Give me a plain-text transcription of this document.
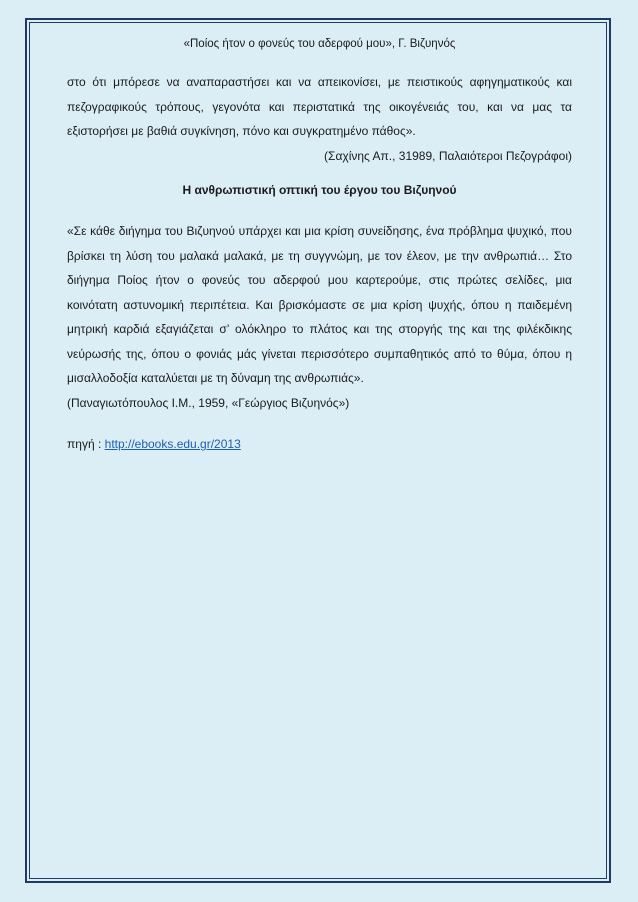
«Ποίος ήτον ο φονεύς του αδερφού μου», Γ. Βιζυηνός

στο ότι μπόρεσε να αναπαραστήσει και να απεικονίσει, με πειστικούς αφηγηματικούς και πεζογραφικούς τρόπους, γεγονότα και περιστατικά της οικογένειάς του, και να μας τα εξιστορήσει με βαθιά συγκίνηση, πόνο και συγκρατημένο πάθος».

(Σαχίνης Απ., 31989, Παλαιότεροι Πεζογράφοι)

Η ανθρωπιστική οπτική του έργου του Βιζυηνού

«Σε κάθε διήγημα του Βιζυηνού υπάρχει και μια κρίση συνείδησης, ένα πρόβλημα ψυχικό, που βρίσκει τη λύση του μαλακά μαλακά, με τη συγγνώμη, με τον έλεον, με την ανθρωπιά… Στο διήγημα Ποίος ήτον ο φονεύς του αδερφού μου καρτερούμε, στις πρώτες σελίδες, μια κοινότατη αστυνομική περιπέτεια. Και βρισκόμαστε σε μια κρίση ψυχής, όπου η παιδεμένη μητρική καρδιά εξαγιάζεται σ’ ολόκληρο το πλάτος και της στοργής της και της φιλέκδικης νεύρωσής της, όπου ο φονιάς μάς γίνεται περισσότερο συμπαθητικός από το θύμα, όπου η μισαλλοδοξία καταλύεται με τη δύναμη της ανθρωπιάς».

(Παναγιωτόπουλος Ι.Μ., 1959, «Γεώργιος Βιζυηνός»)

πηγή : http://ebooks.edu.gr/2013
